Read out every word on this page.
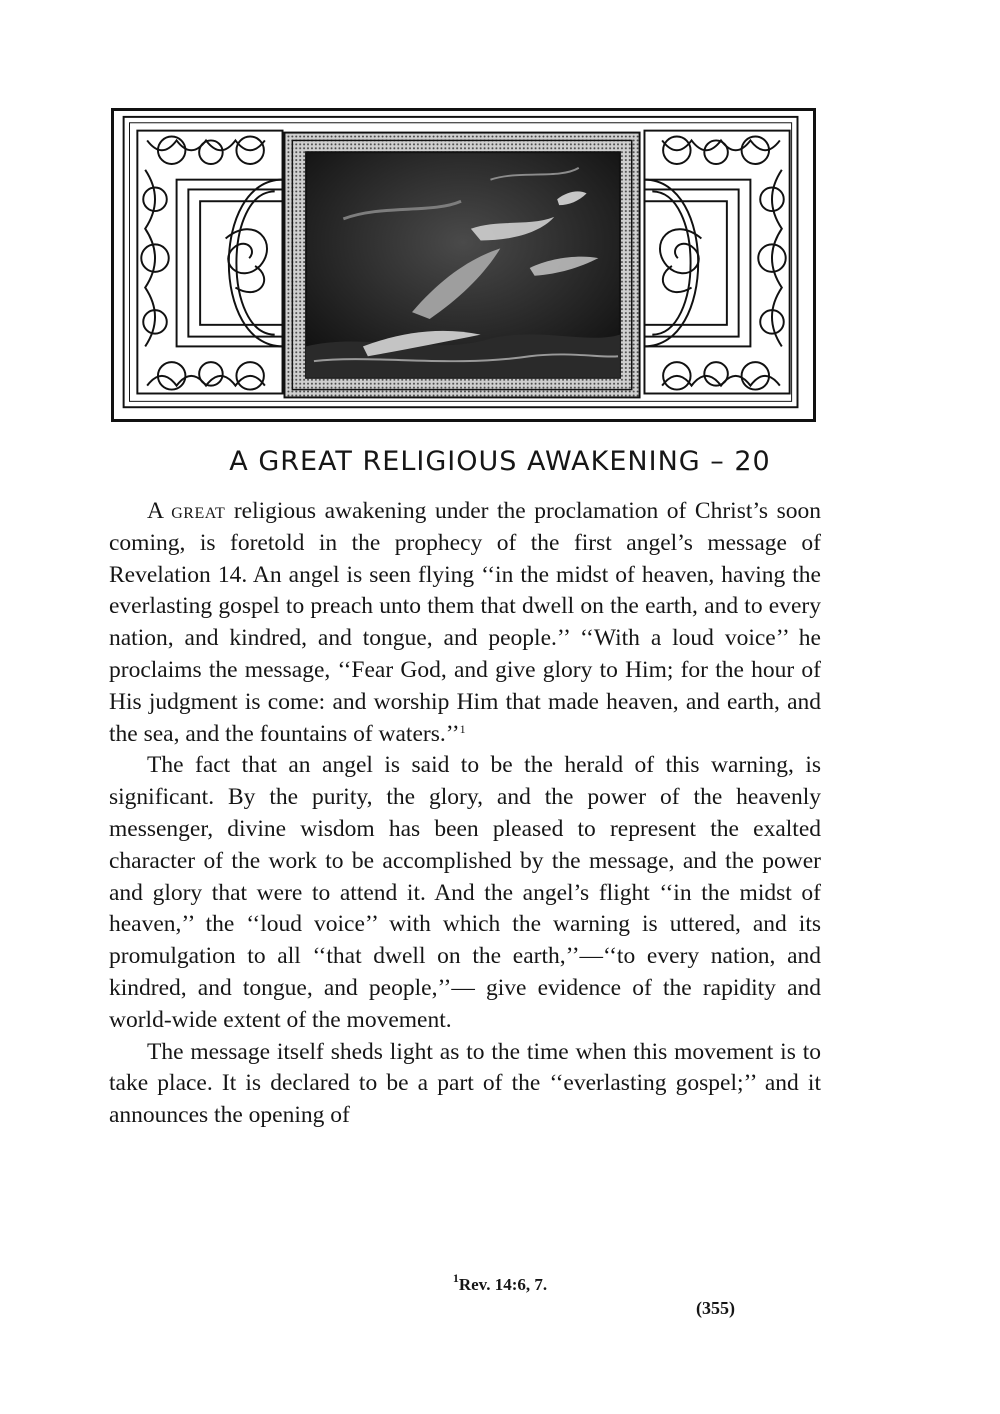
A GREAT RELIGIOUS AWAKENING – 20

A great religious awakening under the proclamation of Christ’s soon coming, is foretold in the prophecy of the first angel’s message of Revelation 14. An angel is seen flying ‘‘in the midst of heaven, having the everlasting gospel to preach unto them that dwell on the earth, and to every nation, and kindred, and tongue, and people.’’ ‘‘With a loud voice’’ he proclaims the message, ‘‘Fear God, and give glory to Him; for the hour of His judgment is come: and worship Him that made heaven, and earth, and the sea, and the fountains of waters.’’$^1$

The fact that an angel is said to be the herald of this warning, is significant. By the purity, the glory, and the power of the heavenly messenger, divine wisdom has been pleased to represent the exalted character of the work to be accomplished by the message, and the power and glory that were to attend it. And the angel’s flight ‘‘in the midst of heaven,’’ the ‘‘loud voice’’ with which the warning is uttered, and its promulgation to all ‘‘that dwell on the earth,’’—‘‘to every nation, and kindred, and tongue, and people,’’— give evidence of the rapidity and world-wide extent of the movement.

The message itself sheds light as to the time when this movement is to take place. It is declared to be a part of the ‘‘everlasting gospel;’’ and it announces the opening of

$^1$Rev. 14:6, 7.
(355)
